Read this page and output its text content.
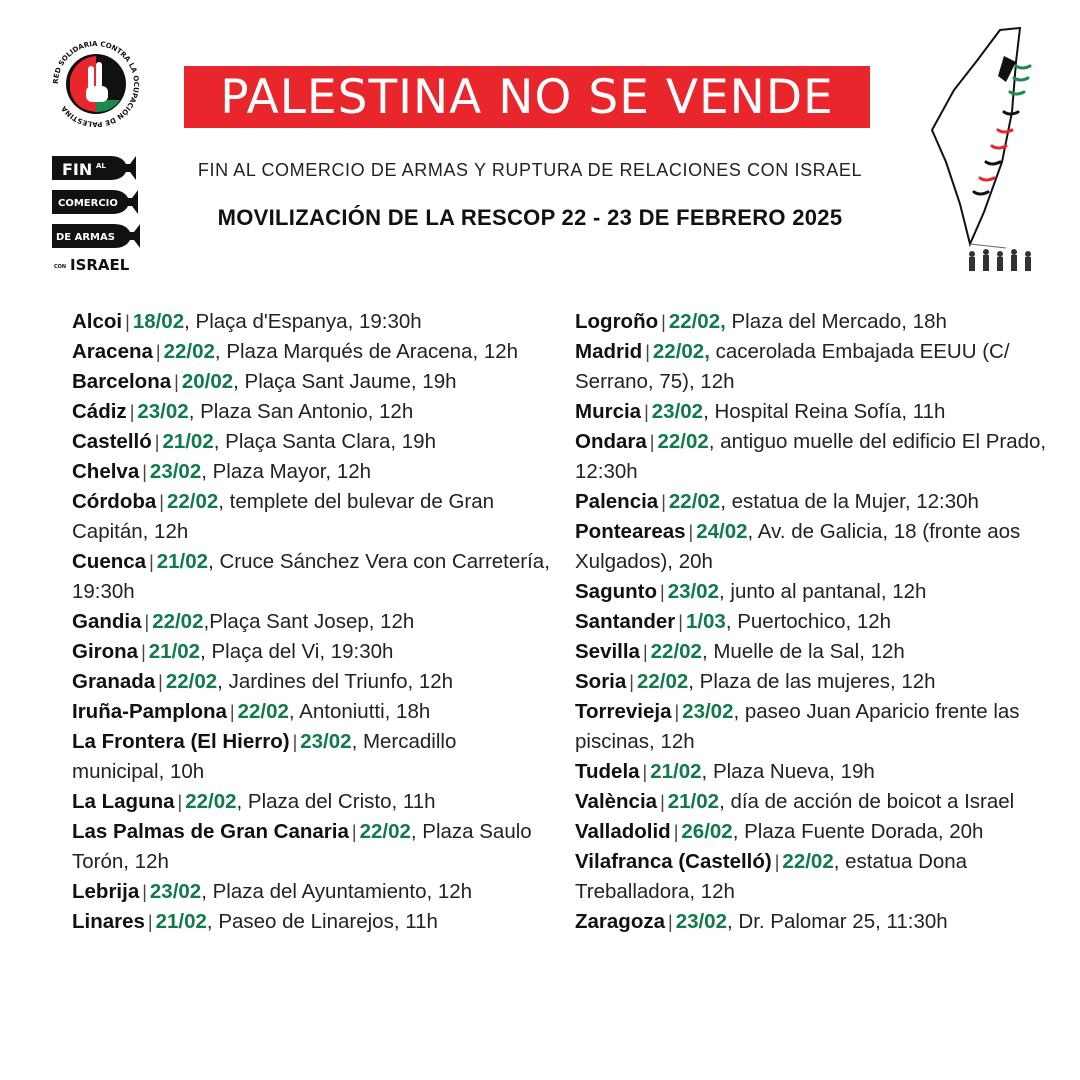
RED SOLIDARIA CONTRA LA OCUPACIÓN DE PALESTINA
FIN AL
COMERCIO
DE ARMAS
CON ISRAEL
PALESTINA NO SE VENDE
FIN AL COMERCIO DE ARMAS Y RUPTURA DE RELACIONES CON ISRAEL
MOVILIZACIÓN DE LA RESCOP 22 - 23 DE FEBRERO 2025
Alcoi | 18/02, Plaça d'Espanya, 19:30h
Aracena | 22/02, Plaza Marqués de Aracena, 12h
Barcelona | 20/02, Plaça Sant Jaume, 19h
Cádiz | 23/02, Plaza San Antonio, 12h
Castelló | 21/02, Plaça Santa Clara, 19h
Chelva | 23/02, Plaza Mayor, 12h
Córdoba | 22/02, templete del bulevar de Gran Capitán, 12h
Cuenca | 21/02, Cruce Sánchez Vera con Carretería, 19:30h
Gandia | 22/02,Plaça Sant Josep, 12h
Girona | 21/02, Plaça del Vi, 19:30h
Granada | 22/02, Jardines del Triunfo, 12h
Iruña-Pamplona | 22/02, Antoniutti, 18h
La Frontera (El Hierro) | 23/02, Mercadillo municipal, 10h
La Laguna | 22/02, Plaza del Cristo, 11h
Las Palmas de Gran Canaria | 22/02, Plaza Saulo Torón, 12h
Lebrija | 23/02, Plaza del Ayuntamiento, 12h
Linares | 21/02, Paseo de Linarejos, 11h
Logroño | 22/02, Plaza del Mercado, 18h
Madrid | 22/02, cacerolada Embajada EEUU (C/ Serrano, 75), 12h
Murcia | 23/02, Hospital Reina Sofía, 11h
Ondara | 22/02, antiguo muelle del edificio El Prado, 12:30h
Palencia | 22/02, estatua de la Mujer, 12:30h
Ponteareas | 24/02, Av. de Galicia, 18 (fronte aos Xulgados), 20h
Sagunto | 23/02, junto al pantanal, 12h
Santander | 1/03, Puertochico, 12h
Sevilla | 22/02, Muelle de la Sal, 12h
Soria | 22/02, Plaza de las mujeres, 12h
Torrevieja | 23/02, paseo Juan Aparicio frente las piscinas, 12h
Tudela | 21/02, Plaza Nueva, 19h
València | 21/02, día de acción de boicot a Israel
Valladolid | 26/02, Plaza Fuente Dorada, 20h
Vilafranca (Castelló) | 22/02, estatua Dona Treballadora, 12h
Zaragoza | 23/02, Dr. Palomar 25, 11:30h
